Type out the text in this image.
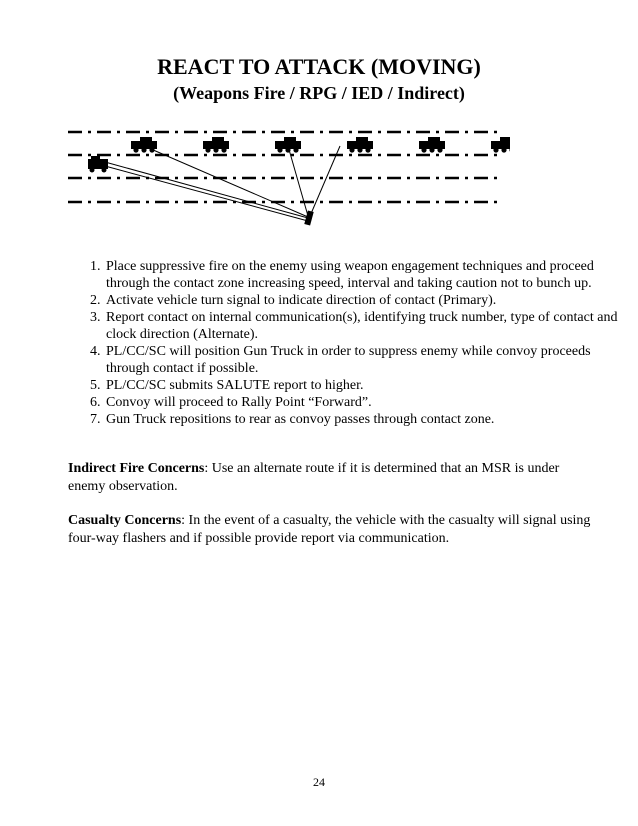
REACT TO ATTACK (MOVING)
(Weapons Fire / RPG / IED / Indirect)
1. Place suppressive fire on the enemy using weapon engagement techniques and proceed through the contact zone increasing speed, interval and taking caution not to bunch up.
2. Activate vehicle turn signal to indicate direction of contact (Primary).
3. Report contact on internal communication(s), identifying truck number, type of contact and clock direction (Alternate).
4. PL/CC/SC will position Gun Truck in order to suppress enemy while convoy proceeds through contact if possible.
5. PL/CC/SC submits SALUTE report to higher.
6. Convoy will proceed to Rally Point “Forward”.
7. Gun Truck repositions to rear as convoy passes through contact zone.

Indirect Fire Concerns: Use an alternate route if it is determined that an MSR is under enemy observation.

Casualty Concerns: In the event of a casualty, the vehicle with the casualty will signal using four-way flashers and if possible provide report via communication.

24
